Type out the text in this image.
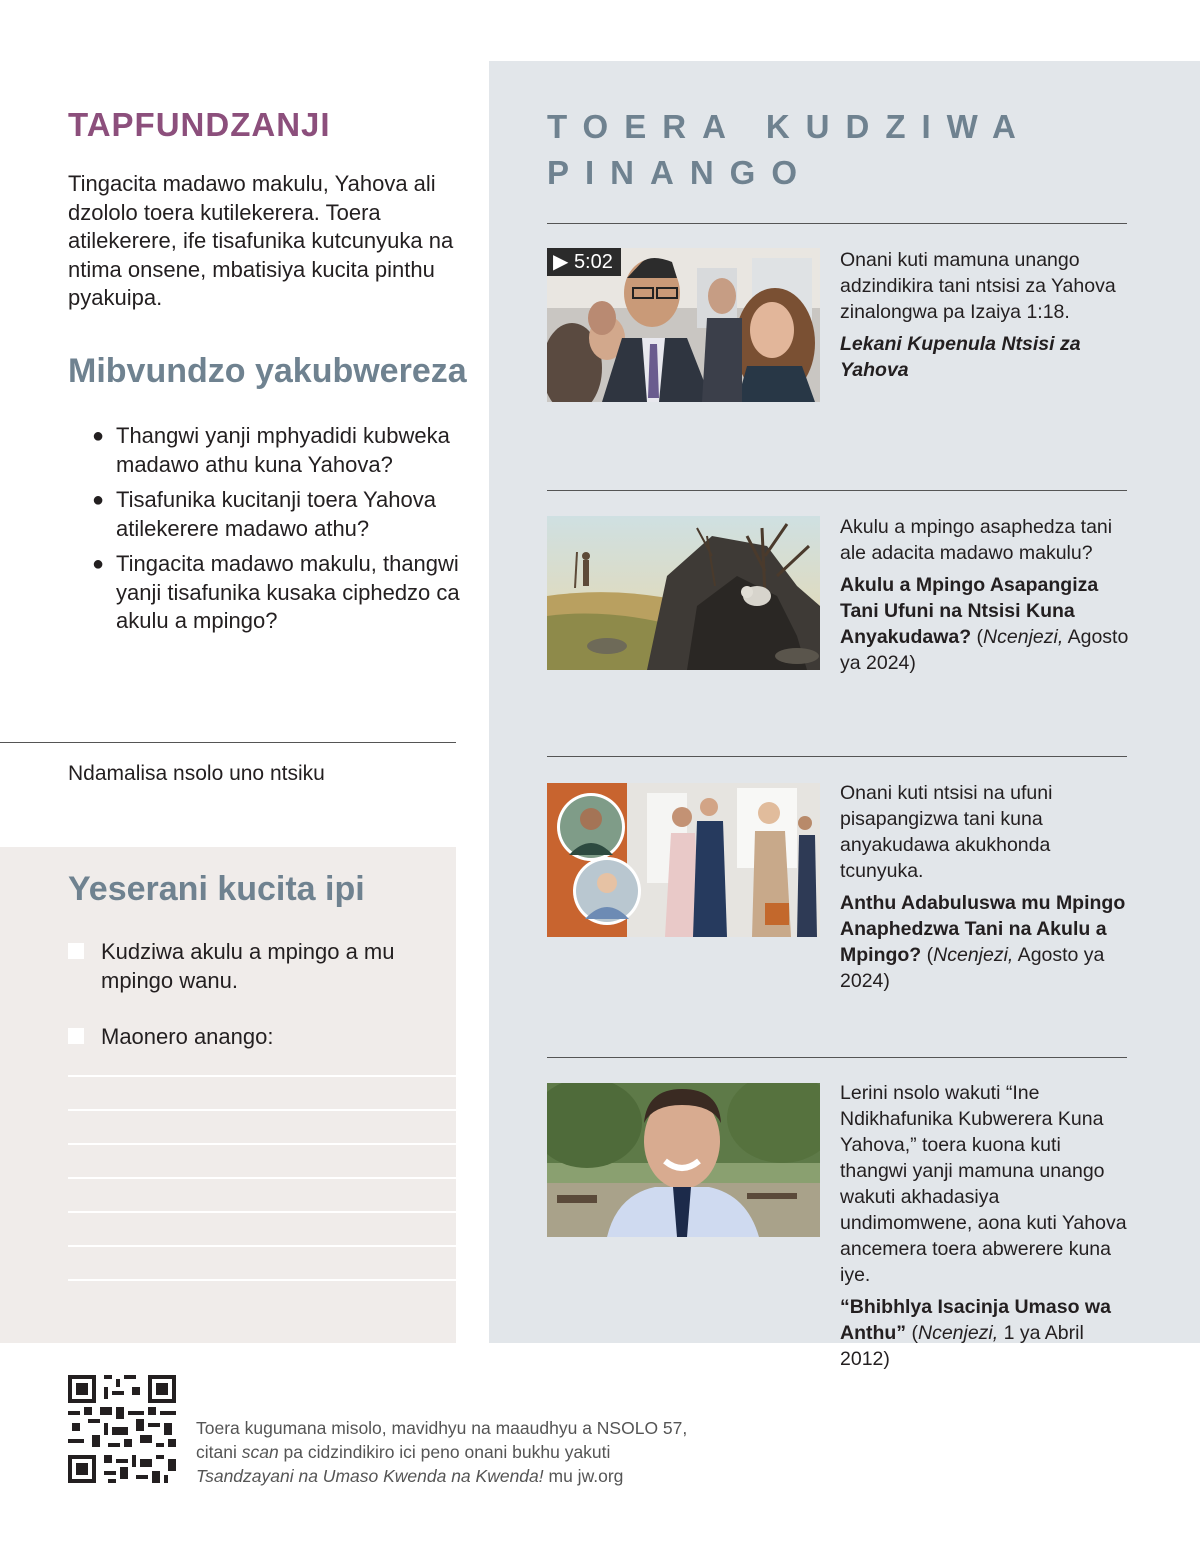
TAPFUNDZANJI

Tingacita madawo makulu, Yahova ali dzololo toera kutilekerera. Toera atilekerere, ife tisafunika kutcunyuka na ntima onsene, mbatisiya kucita pinthu pyakuipa.

Mibvundzo yakubwereza
● Thangwi yanji mphyadidi kubweka madawo athu kuna Yahova?
● Tisafunika kucitanji toera Yahova atilekerere madawo athu?
● Tingacita madawo makulu, thangwi yanji tisafunika kusaka ciphedzo ca akulu a mpingo?
Ndamalisa nsolo uno ntsiku
Yeserani kucita ipi
Kudziwa akulu a mpingo a mu mpingo wanu.
Maonero anango:
TOERA KUDZIWA PINANGO
▶ 5:02	Onani kuti mamuna unango adzindikira tani ntsisi za Yahova zinalongwa pa Izaiya 1:18.

Lekani Kupenula Ntsisi za Yahova

Akulu a mpingo asaphedza tani ale adacita madawo makulu?

Akulu a Mpingo Asapangiza Tani Ufuni na Ntsisi Kuna Anyakudawa? (Ncenjezi, Agosto ya 2024)

Onani kuti ntsisi na ufuni pisapangizwa tani kuna anyakudawa akukhonda tcunyuka.

Anthu Adabuluswa mu Mpingo Anaphedzwa Tani na Akulu a Mpingo? (Ncenjezi, Agosto ya 2024)

Lerini nsolo wakuti “Ine Ndikhafunika Kubwerera Kuna Yahova,” toera kuona kuti thangwi yanji mamuna unango wakuti akhadasiya undimomwene, aona kuti Yahova ancemera toera abwerere kuna iye.

“Bhibhlya Isacinja Umaso wa Anthu” (Ncenjezi, 1 ya Abril 2012)

Toera kugumana misolo, mavidhyu na maaudhyu a NSOLO 57,
citani scan pa cidzindikiro ici peno onani bukhu yakuti
Tsandzayani na Umaso Kwenda na Kwenda! mu jw.org
